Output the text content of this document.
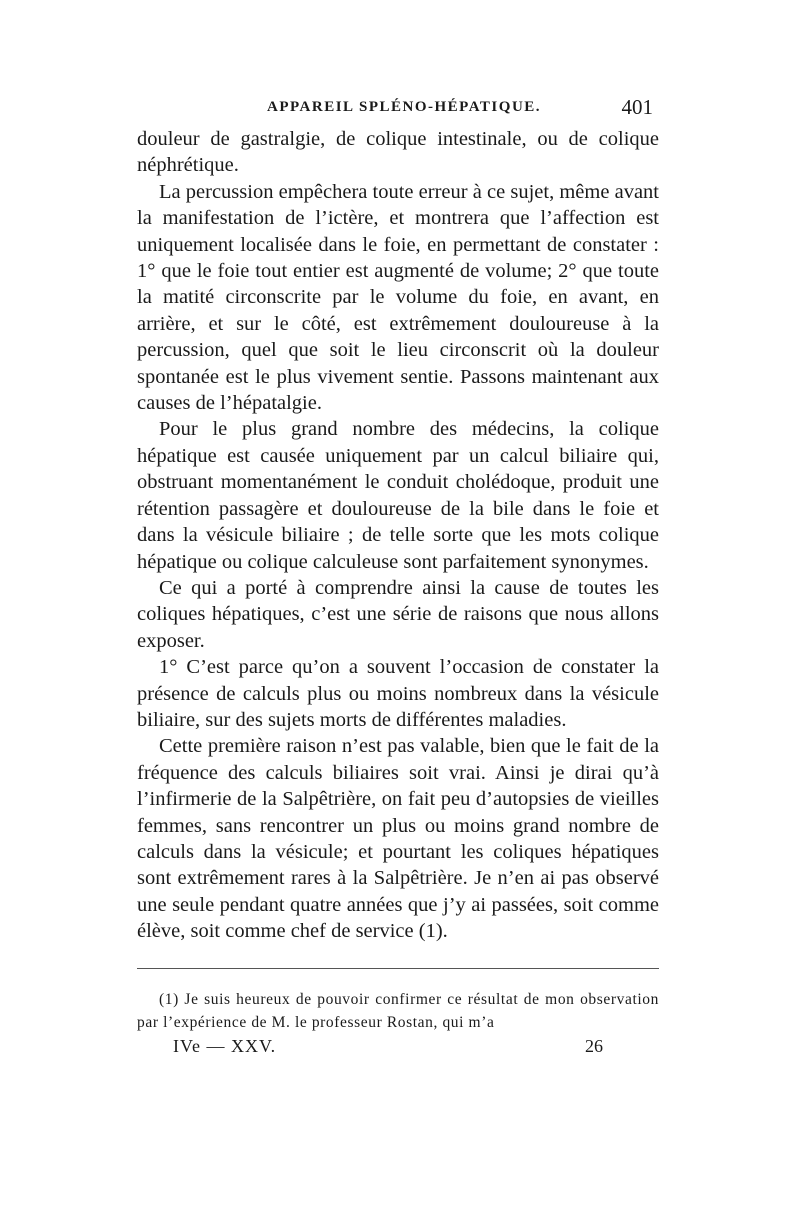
APPAREIL SPLÉNO-HÉPATIQUE.	401

douleur de gastralgie, de colique intestinale, ou de colique néphrétique.

La percussion empêchera toute erreur à ce sujet, même avant la manifestation de l’ictère, et montrera que l’affection est uniquement localisée dans le foie, en permettant de constater : 1° que le foie tout entier est augmenté de volume; 2° que toute la matité circonscrite par le volume du foie, en avant, en arrière, et sur le côté, est extrêmement douloureuse à la percussion, quel que soit le lieu circonscrit où la douleur spontanée est le plus vivement sentie. Passons maintenant aux causes de l’hépatalgie.

Pour le plus grand nombre des médecins, la colique hépatique est causée uniquement par un calcul biliaire qui, obstruant momentanément le conduit cholédoque, produit une rétention passagère et douloureuse de la bile dans le foie et dans la vésicule biliaire ; de telle sorte que les mots colique hépatique ou colique calculeuse sont parfaitement synonymes.

Ce qui a porté à comprendre ainsi la cause de toutes les coliques hépatiques, c’est une série de raisons que nous allons exposer.

1° C’est parce qu’on a souvent l’occasion de constater la présence de calculs plus ou moins nombreux dans la vésicule biliaire, sur des sujets morts de différentes maladies.

Cette première raison n’est pas valable, bien que le fait de la fréquence des calculs biliaires soit vrai. Ainsi je dirai qu’à l’infirmerie de la Salpêtrière, on fait peu d’autopsies de vieilles femmes, sans rencontrer un plus ou moins grand nombre de calculs dans la vésicule; et pourtant les coliques hépatiques sont extrêmement rares à la Salpêtrière. Je n’en ai pas observé une seule pendant quatre années que j’y ai passées, soit comme élève, soit comme chef de service (1).

(1) Je suis heureux de pouvoir confirmer ce résultat de mon observation par l’expérience de M. le professeur Rostan, qui m’a
IVe — XXV.	26
